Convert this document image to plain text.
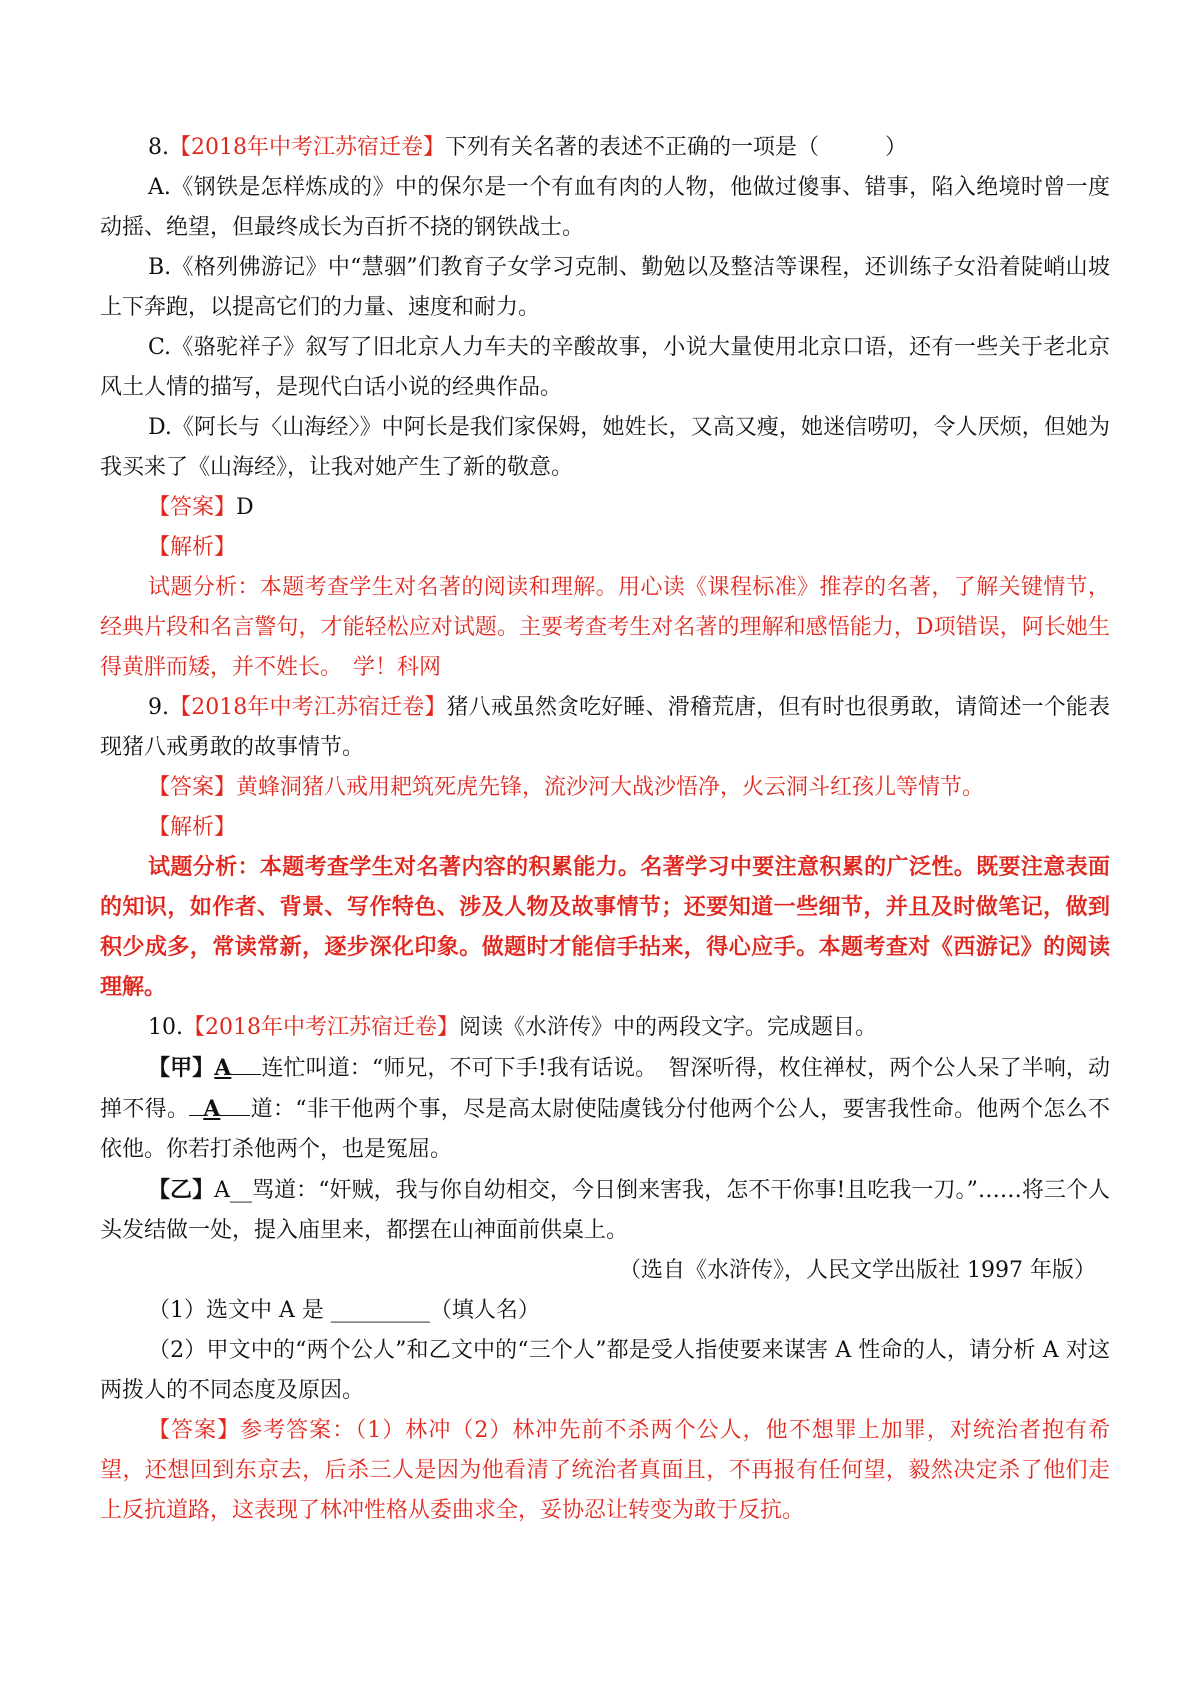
8.【2018年中考江苏宿迁卷】下列有关名著的表述不正确的一项是（　　　）

A.《钢铁是怎样炼成的》中的保尔是一个有血有肉的人物，他做过傻事、错事，陷入绝境时曾一度动摇、绝望，但最终成长为百折不挠的钢铁战士。

B.《格列佛游记》中“慧骃”们教育子女学习克制、勤勉以及整洁等课程，还训练子女沿着陡峭山坡上下奔跑，以提高它们的力量、速度和耐力。

C.《骆驼祥子》叙写了旧北京人力车夫的辛酸故事，小说大量使用北京口语，还有一些关于老北京风土人情的描写，是现代白话小说的经典作品。

D.《阿长与〈山海经〉》中阿长是我们家保姆，她姓长，又高又瘦，她迷信唠叨，令人厌烦，但她为我买来了《山海经》，让我对她产生了新的敬意。

【答案】D

【解析】

试题分析：本题考查学生对名著的阅读和理解。用心读《课程标准》推荐的名著，了解关键情节，经典片段和名言警句，才能轻松应对试题。主要考查考生对名著的理解和感悟能力，D项错误，阿长她生得黄胖而矮，并不姓长。　学！科网

9.【2018年中考江苏宿迁卷】猪八戒虽然贪吃好睡、滑稽荒唐，但有时也很勇敢，请简述一个能表现猪八戒勇敢的故事情节。

【答案】黄蜂洞猪八戒用耙筑死虎先锋，流沙河大战沙悟净，火云洞斗红孩儿等情节。

【解析】

试题分析：本题考查学生对名著内容的积累能力。名著学习中要注意积累的广泛性。既要注意表面的知识，如作者、背景、写作特色、涉及人物及故事情节；还要知道一些细节，并且及时做笔记，做到积少成多，常读常新，逐步深化印象。做题时才能信手拈来，得心应手。本题考查对《西游记》的阅读理解。

10.【2018年中考江苏宿迁卷】阅读《水浒传》中的两段文字。完成题目。

【甲】A 连忙叫道：“师兄，不可下手!我有话说。　智深听得，枚住禅杖，两个公人呆了半响，动掸不得。 A 道：“非干他两个事，尽是高太尉使陆虞钱分付他两个公人，要害我性命。他两个怎么不依他。你若打杀他两个，也是冤屈。

【乙】A__骂道：“奸贼，我与你自幼相交，今日倒来害我，怎不干你事!且吃我一刀。”……将三个人头发结做一处，提入庙里来，都摆在山神面前供桌上。

（选自《水浒传》，人民文学出版社 1997 年版）

（1）选文中 A 是 _________（填人名）

（2）甲文中的“两个公人”和乙文中的“三个人”都是受人指使要来谋害 A 性命的人，请分析 A 对这两拨人的不同态度及原因。

【答案】参考答案：（1）林冲（2）林冲先前不杀两个公人，他不想罪上加罪，对统治者抱有希望，还想回到东京去，后杀三人是因为他看清了统治者真面且，不再报有任何望，毅然决定杀了他们走上反抗道路，这表现了林冲性格从委曲求全，妥协忍让转变为敢于反抗。
